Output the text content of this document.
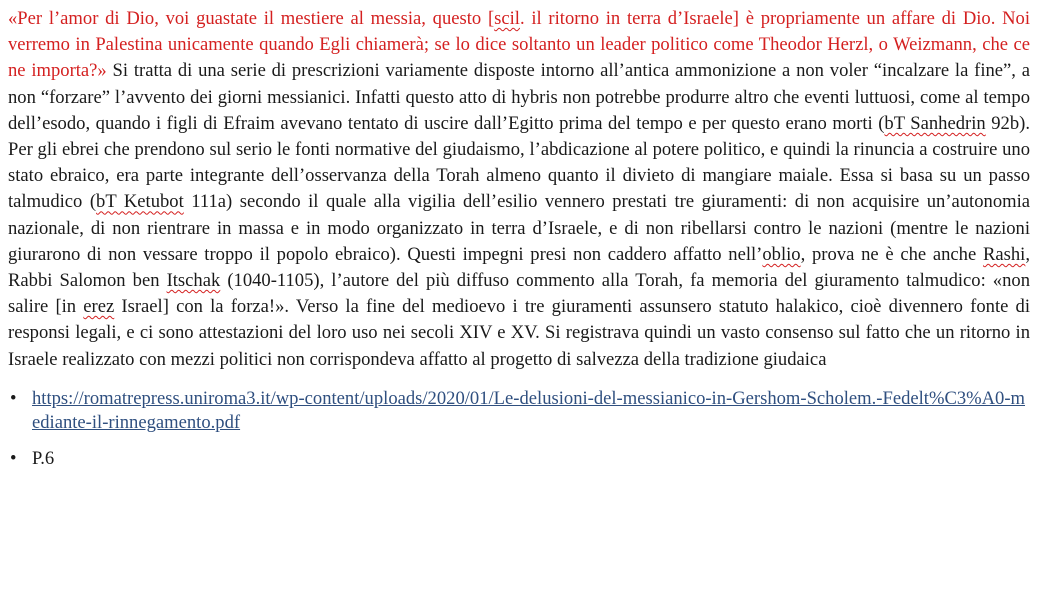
«Per l’amor di Dio, voi guastate il mestiere al messia, questo [scil. il ritorno in terra d’Israele] è propriamente un affare di Dio. Noi verremo in Palestina unicamente quando Egli chiamerà; se lo dice soltanto un leader politico come Theodor Herzl, o Weizmann, che ce ne importa?» Si tratta di una serie di prescrizioni variamente disposte intorno all’antica ammonizione a non voler “incalzare la fine”, a non “forzare” l’avvento dei giorni messianici. Infatti questo atto di hybris non potrebbe produrre altro che eventi luttuosi, come al tempo dell’esodo, quando i figli di Efraim avevano tentato di uscire dall’Egitto prima del tempo e per questo erano morti (bT Sanhedrin 92b). Per gli ebrei che prendono sul serio le fonti normative del giudaismo, l’abdicazione al potere politico, e quindi la rinuncia a costruire uno stato ebraico, era parte integrante dell’osservanza della Torah almeno quanto il divieto di mangiare maiale. Essa si basa su un passo talmudico (bT Ketubot 111a) secondo il quale alla vigilia dell’esilio vennero prestati tre giuramenti: di non acquisire un’autonomia nazionale, di non rientrare in massa e in modo organizzato in terra d’Israele, e di non ribellarsi contro le nazioni (mentre le nazioni giurarono di non vessare troppo il popolo ebraico). Questi impegni presi non caddero affatto nell’oblio, prova ne è che anche Rashi, Rabbi Salomon ben Itschak (1040-1105), l’autore del più diffuso commento alla Torah, fa memoria del giuramento talmudico: «non salire [in erez Israel] con la forza!». Verso la fine del medioevo i tre giuramenti assunsero statuto halakico, cioè divennero fonte di responsi legali, e ci sono attestazioni del loro uso nei secoli XIV e XV. Si registrava quindi un vasto consenso sul fatto che un ritorno in Israele realizzato con mezzi politici non corrispondeva affatto al progetto di salvezza della tradizione giudaica

• https://romatrepress.uniroma3.it/wp-content/uploads/2020/01/Le-delusioni-del-messianico-in-Gershom-Scholem.-Fedelt%C3%A0-mediante-il-rinnegamento.pdf
• P.6
